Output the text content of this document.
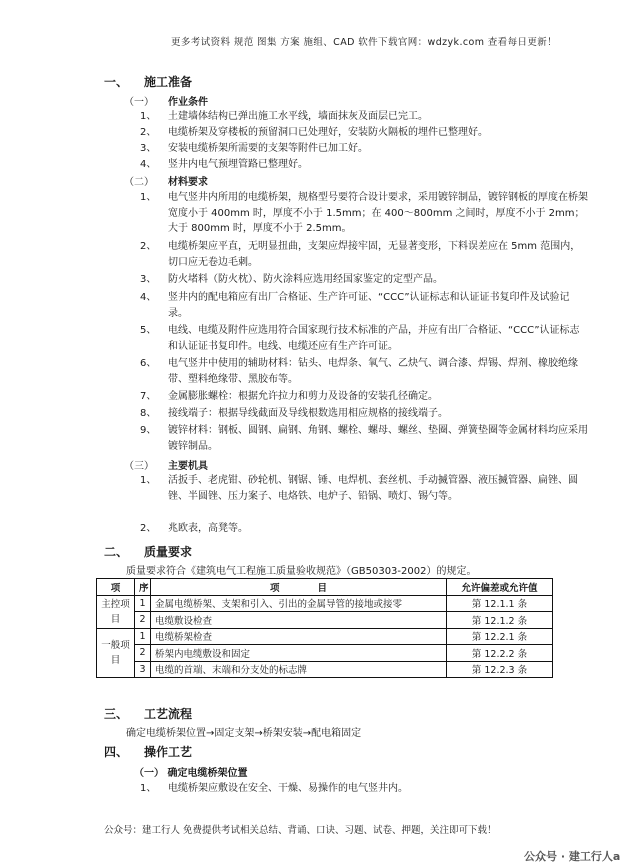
更多考试资料 规范 图集 方案 施组、CAD 软件下载官网：wdzyk.com 查看每日更新！
一、 施工准备
（一） 作业条件
1、 土建墙体结构已弹出施工水平线，墙面抹灰及面层已完工。
2、 电缆桥架及穿楼板的预留洞口已处理好，安装防火隔板的埋件已整理好。
3、 安装电缆桥架所需要的支架等附件已加工好。
4、 竖井内电气预埋管路已整理好。
（二） 材料要求
1、 电气竖井内所用的电缆桥架，规格型号要符合设计要求，采用镀锌制品，镀锌钢板的厚度在桥架宽度小于 400mm 时，厚度不小于 1.5mm；在 400～800mm 之间时，厚度不小于 2mm；大于 800mm 时，厚度不小于 2.5mm。
2、 电缆桥架应平直，无明显扭曲，支架应焊接牢固，无显著变形，下料误差应在 5mm 范围内，切口应无卷边毛刺。
3、 防火堵料（防火枕）、防火涂料应选用经国家鉴定的定型产品。
4、 竖井内的配电箱应有出厂合格证、生产许可证、“CCC”认证标志和认证证书复印件及试验记录。
5、 电线、电缆及附件应选用符合国家现行技术标准的产品，并应有出厂合格证、“CCC”认证标志和认证证书复印件。电线、电缆还应有生产许可证。
6、 电气竖井中使用的辅助材料：钻头、电焊条、氧气、乙炔气、调合漆、焊锡、焊剂、橡胶绝缘带、塑料绝缘带、黑胶布等。
7、 金属膨胀螺栓：根据允许拉力和剪力及设备的安装孔径确定。
8、 接线端子：根据导线截面及导线根数选用相应规格的接线端子。
9、 镀锌材料：钢板、圆钢、扁钢、角钢、螺栓、螺母、螺丝、垫圈、弹簧垫圈等金属材料均应采用镀锌制品。
（三） 主要机具
1、 活扳手、老虎钳、砂轮机、钢锯、锤、电焊机、套丝机、手动揻管器、液压揻管器、扁锉、圆锉、半圆锉、压力案子、电烙铁、电炉子、铅锅、喷灯、锡勺等。
2、 兆欧表，高凳等。
二、 质量要求
质量要求符合《建筑电气工程施工质量验收规范》（GB50303-2002）的规定。
项	序	项　　　　目	允许偏差或允许值
主控项目	1	金属电缆桥架、支架和引入、引出的金属导管的接地或接零	第 12.1.1 条
	2	电缆敷设检查	第 12.1.2 条
一般项目	1	电缆桥架检查	第 12.2.1 条
	2	桥架内电缆敷设和固定	第 12.2.2 条
	3	电缆的首端、末端和分支处的标志牌	第 12.2.3 条
三、 工艺流程
确定电缆桥架位置→固定支架→桥架安装→配电箱固定
四、 操作工艺
（一） 确定电缆桥架位置
1、 电缆桥架应敷设在安全、干燥、易操作的电气竖井内。
公众号：建工行人 免费提供考试相关总结、背诵、口诀、习题、试卷、押题，关注即可下载！
公众号 · 建工行人a
